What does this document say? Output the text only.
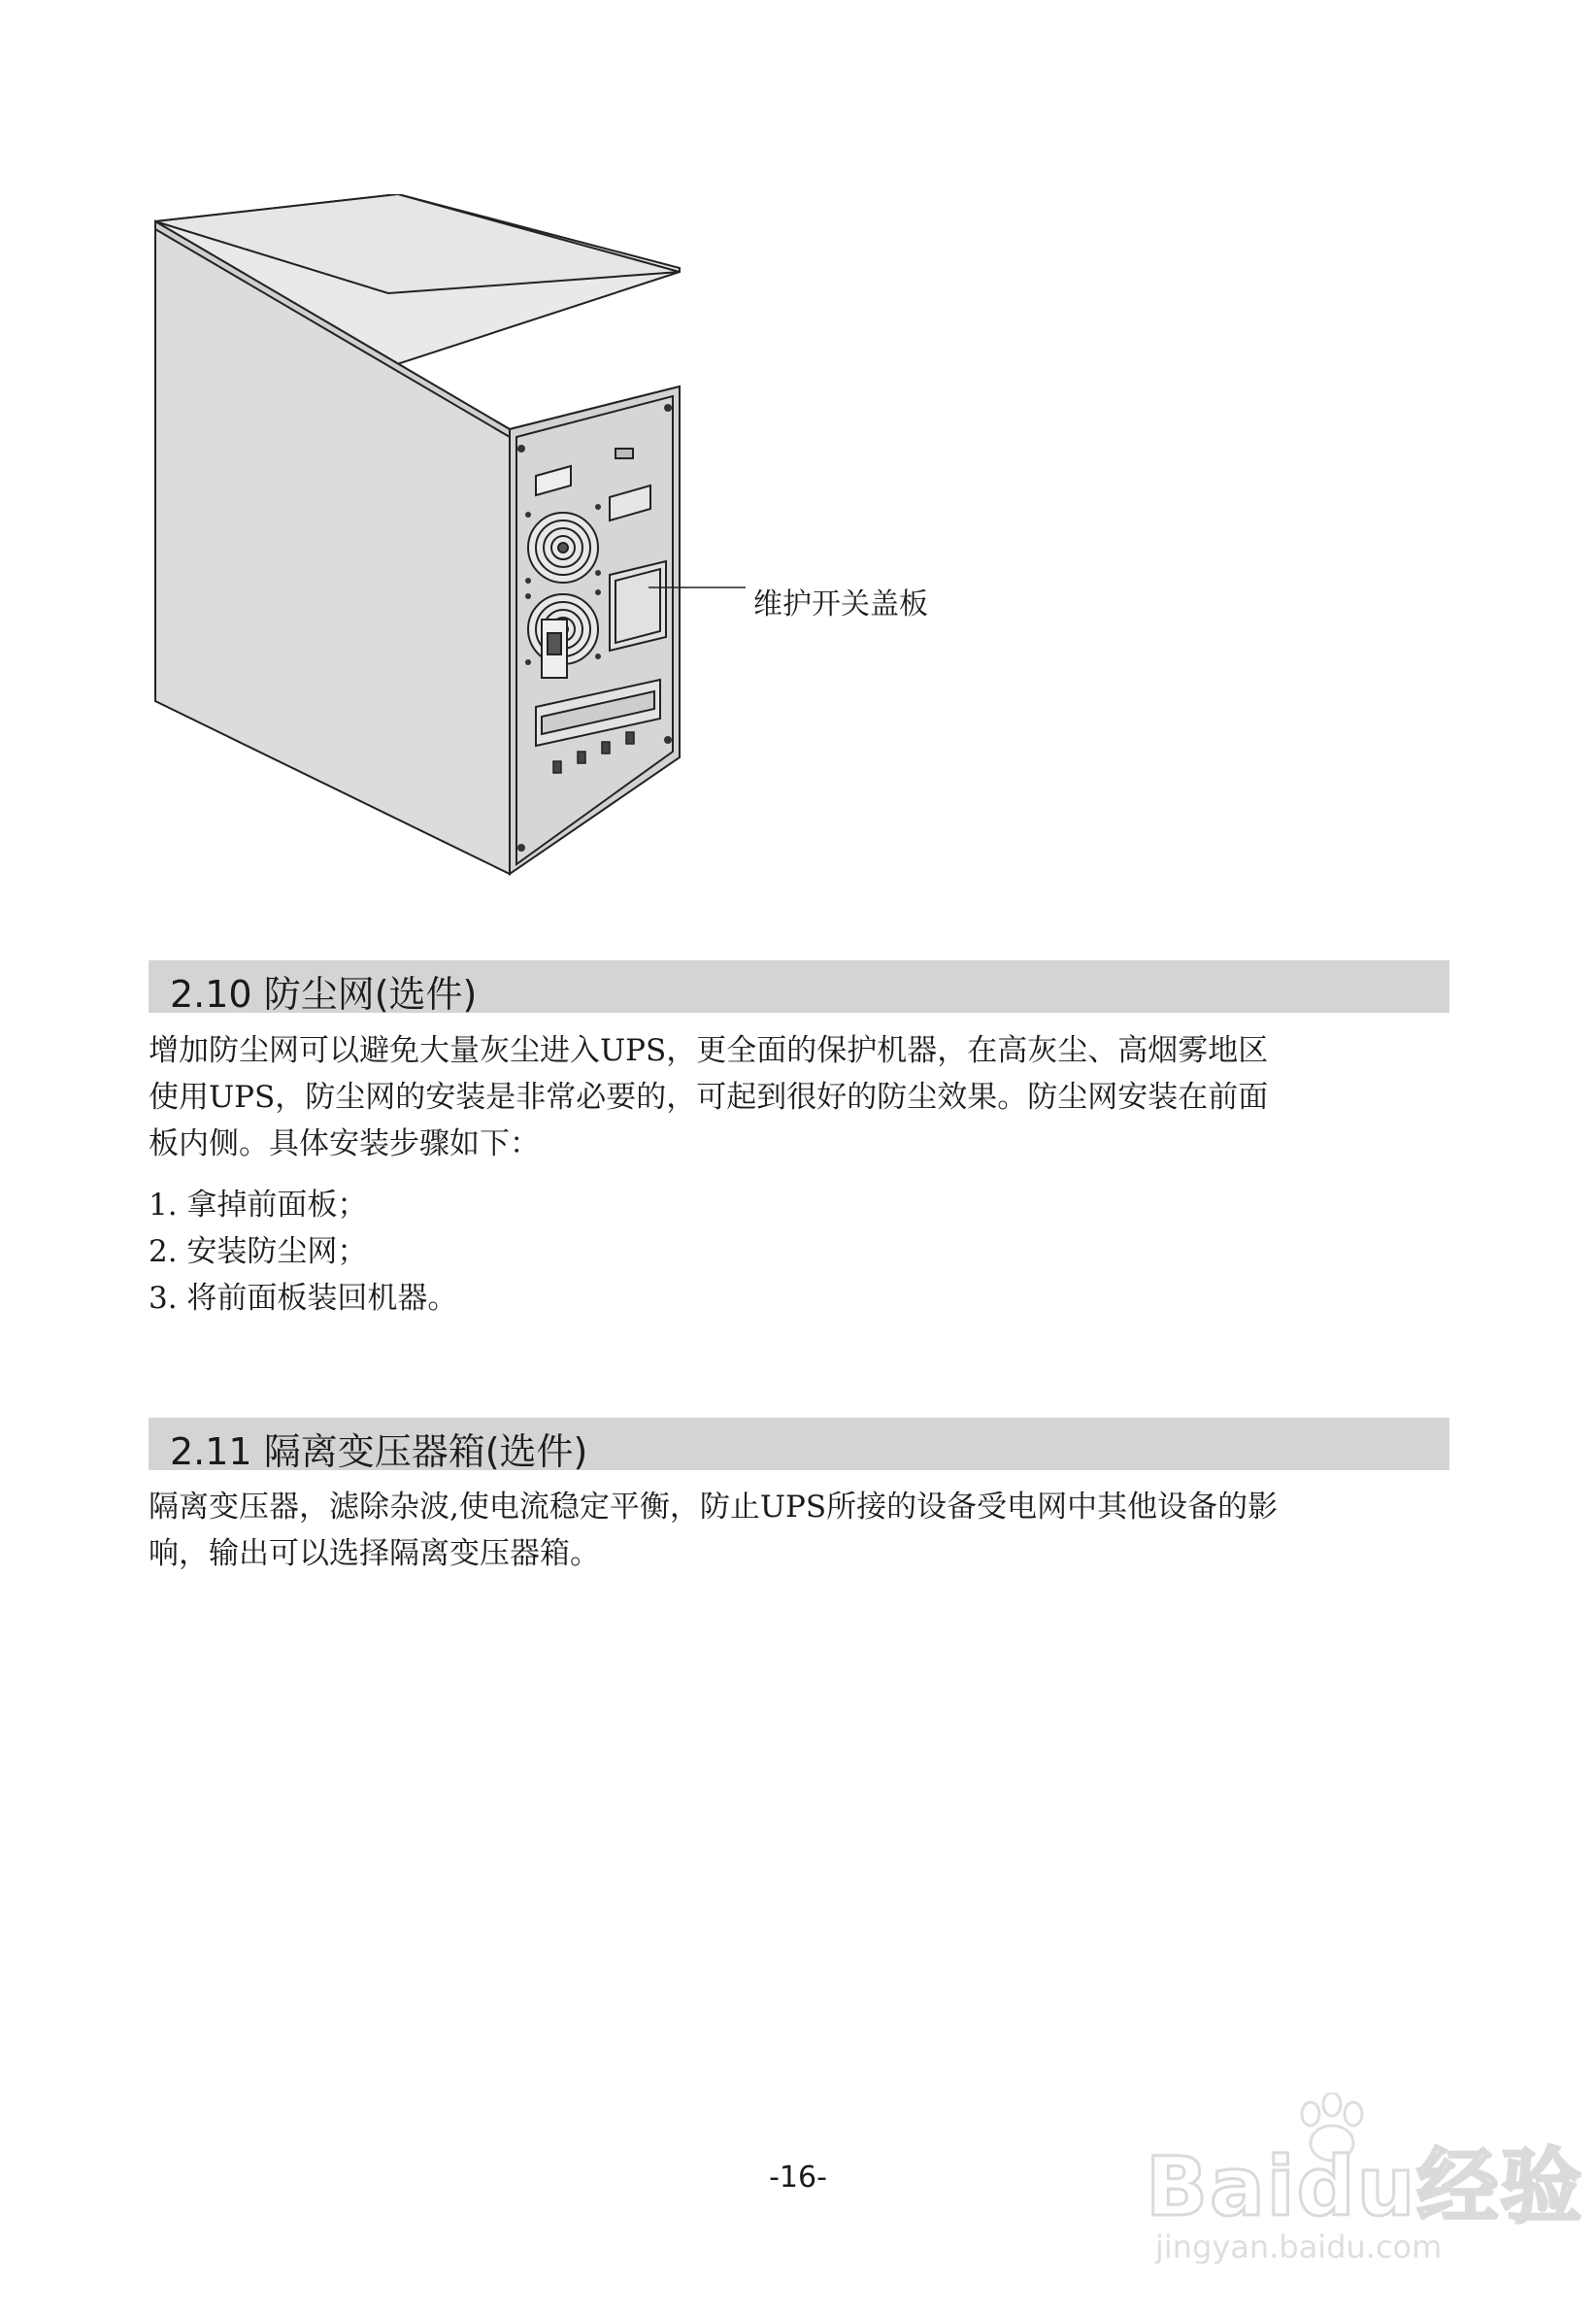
维护开关盖板
2.10 防尘网(选件)

增加防尘网可以避免大量灰尘进入UPS，更全面的保护机器，在高灰尘、高烟雾地区

使用UPS，防尘网的安装是非常必要的，可起到很好的防尘效果。防尘网安装在前面

板内侧。具体安装步骤如下：

1. 拿掉前面板；
2. 安装防尘网；
3. 将前面板装回机器。
2.11 隔离变压器箱(选件)

隔离变压器，滤除杂波,使电流稳定平衡，防止UPS所接的设备受电网中其他设备的影

响，输出可以选择隔离变压器箱。

-16-	Baidu经验
jingyan.baidu.com
